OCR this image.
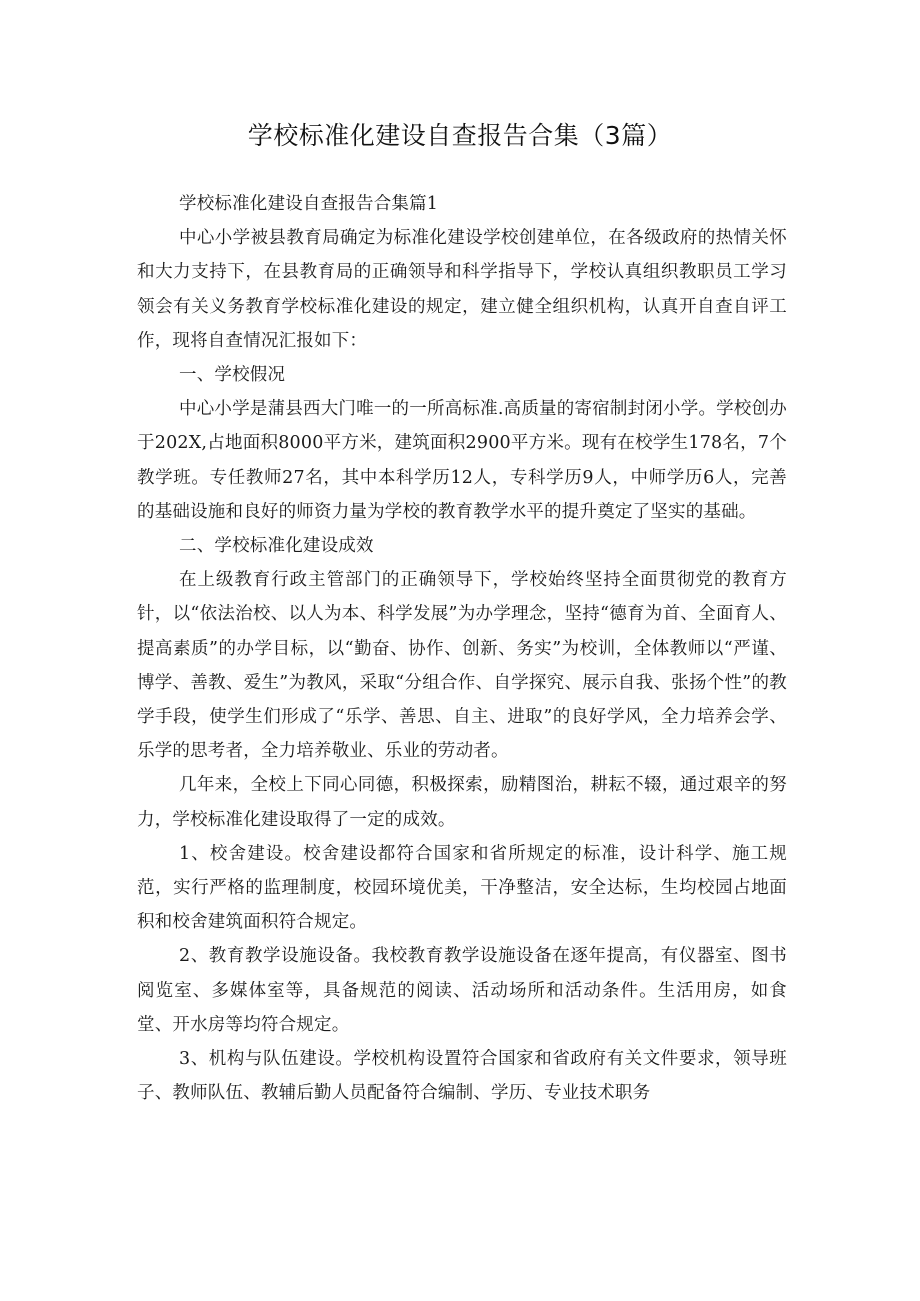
学校标准化建设自查报告合集（3篇）

学校标准化建设自查报告合集篇1

中心小学被县教育局确定为标准化建设学校创建单位，在各级政府的热情关怀和大力支持下，在县教育局的正确领导和科学指导下，学校认真组织教职员工学习领会有关义务教育学校标准化建设的规定，建立健全组织机构，认真开自查自评工作，现将自查情况汇报如下：

一、学校假况

中心小学是蒲县西大门唯一的一所高标准.高质量的寄宿制封闭小学。学校创办于202X,占地面积8000平方米，建筑面积2900平方米。现有在校学生178名，7个教学班。专任教师27名，其中本科学历12人，专科学历9人，中师学历6人，完善的基础设施和良好的师资力量为学校的教育教学水平的提升奠定了坚实的基础。

二、学校标准化建设成效

在上级教育行政主管部门的正确领导下，学校始终坚持全面贯彻党的教育方针，以“依法治校、以人为本、科学发展”为办学理念，坚持“德育为首、全面育人、提高素质”的办学目标，以“勤奋、协作、创新、务实”为校训，全体教师以“严谨、博学、善教、爱生”为教风，采取“分组合作、自学探究、展示自我、张扬个性”的教学手段，使学生们形成了“乐学、善思、自主、进取”的良好学风，全力培养会学、乐学的思考者，全力培养敬业、乐业的劳动者。

几年来，全校上下同心同德，积极探索，励精图治，耕耘不辍，通过艰辛的努力，学校标准化建设取得了一定的成效。

1、校舍建设。校舍建设都符合国家和省所规定的标准，设计科学、施工规范，实行严格的监理制度，校园环境优美，干净整洁，安全达标，生均校园占地面积和校舍建筑面积符合规定。

2、教育教学设施设备。我校教育教学设施设备在逐年提高，有仪器室、图书阅览室、多媒体室等，具备规范的阅读、活动场所和活动条件。生活用房，如食堂、开水房等均符合规定。

3、机构与队伍建设。学校机构设置符合国家和省政府有关文件要求，领导班子、教师队伍、教辅后勤人员配备符合编制、学历、专业技术职务
